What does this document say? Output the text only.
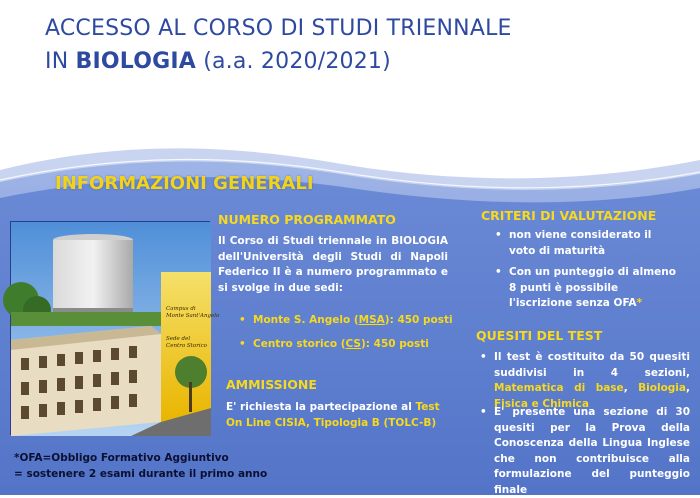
ACCESSO AL CORSO DI STUDI TRIENNALE
IN BIOLOGIA (a.a. 2020/2021)
INFORMAZIONI GENERALI
Campus di
Monte Sant'Angelo
Sede del
Centro Storico
NUMERO PROGRAMMATO
Il Corso di Studi triennale in BIOLOGIA dell'Università degli Studi di Napoli Federico II è a numero programmato e si svolge in due sedi:
• Monte S. Angelo (MSA): 450 posti
• Centro storico (CS): 450 posti
AMMISSIONE
E' richiesta la partecipazione al Test On Line CISIA, Tipologia B (TOLC-B)
CRITERI DI VALUTAZIONE
• non viene considerato il voto di maturità
• Con un punteggio di almeno 8 punti è possibile l'iscrizione senza OFA*
QUESITI DEL TEST
• Il test è costituito da 50 quesiti suddivisi in 4 sezioni, Matematica di base, Biologia, Fisica e Chimica
• E' presente una sezione di 30 quesiti per la Prova della Conoscenza della Lingua Inglese che non contribuisce alla formulazione del punteggio finale
*OFA=Obbligo Formativo Aggiuntivo
= sostenere 2 esami durante il primo anno
